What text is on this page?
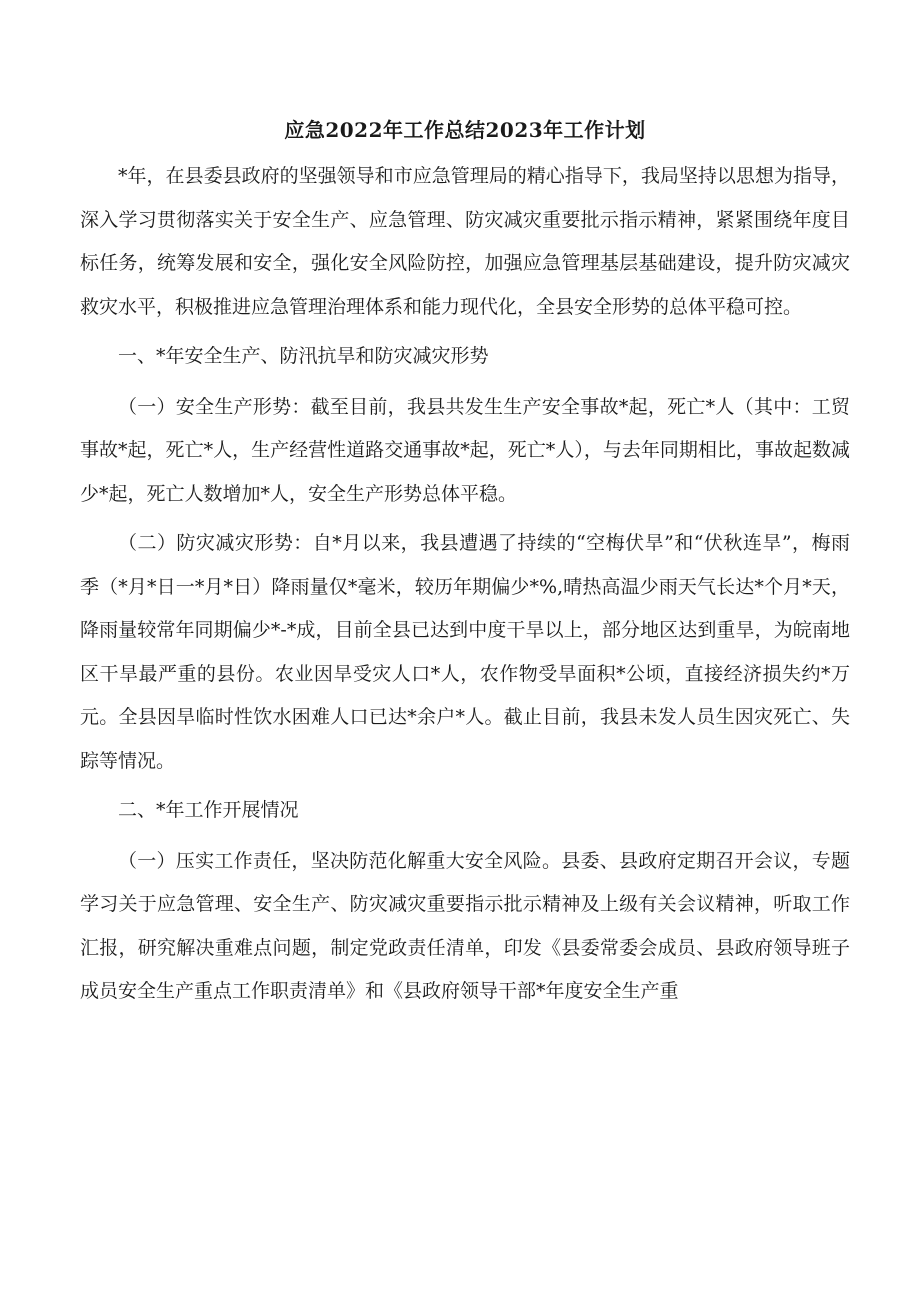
应急2022年工作总结2023年工作计划

*年，在县委县政府的坚强领导和市应急管理局的精心指导下，我局坚持以思想为指导，深入学习贯彻落实关于安全生产、应急管理、防灾减灾重要批示指示精神，紧紧围绕年度目标任务，统筹发展和安全，强化安全风险防控，加强应急管理基层基础建设，提升防灾减灾救灾水平，积极推进应急管理治理体系和能力现代化，全县安全形势的总体平稳可控。

一、*年安全生产、防汛抗旱和防灾减灾形势

（一）安全生产形势：截至目前，我县共发生生产安全事故*起，死亡*人（其中：工贸事故*起，死亡*人，生产经营性道路交通事故*起，死亡*人），与去年同期相比，事故起数减少*起，死亡人数增加*人，安全生产形势总体平稳。

（二）防灾减灾形势：自*月以来，我县遭遇了持续的“空梅伏旱”和“伏秋连旱”，梅雨季（*月*日一*月*日）降雨量仅*毫米，较历年期偏少*%,晴热高温少雨天气长达*个月*天，降雨量较常年同期偏少*-*成，目前全县已达到中度干旱以上，部分地区达到重旱，为皖南地区干旱最严重的县份。农业因旱受灾人口*人，农作物受旱面积*公顷，直接经济损失约*万元。全县因旱临时性饮水困难人口已达*余户*人。截止目前，我县未发人员生因灾死亡、失踪等情况。

二、*年工作开展情况

（一）压实工作责任，坚决防范化解重大安全风险。县委、县政府定期召开会议，专题学习关于应急管理、安全生产、防灾减灾重要指示批示精神及上级有关会议精神，听取工作汇报，研究解决重难点问题，制定党政责任清单，印发《县委常委会成员、县政府领导班子成员安全生产重点工作职责清单》和《县政府领导干部*年度安全生产重
